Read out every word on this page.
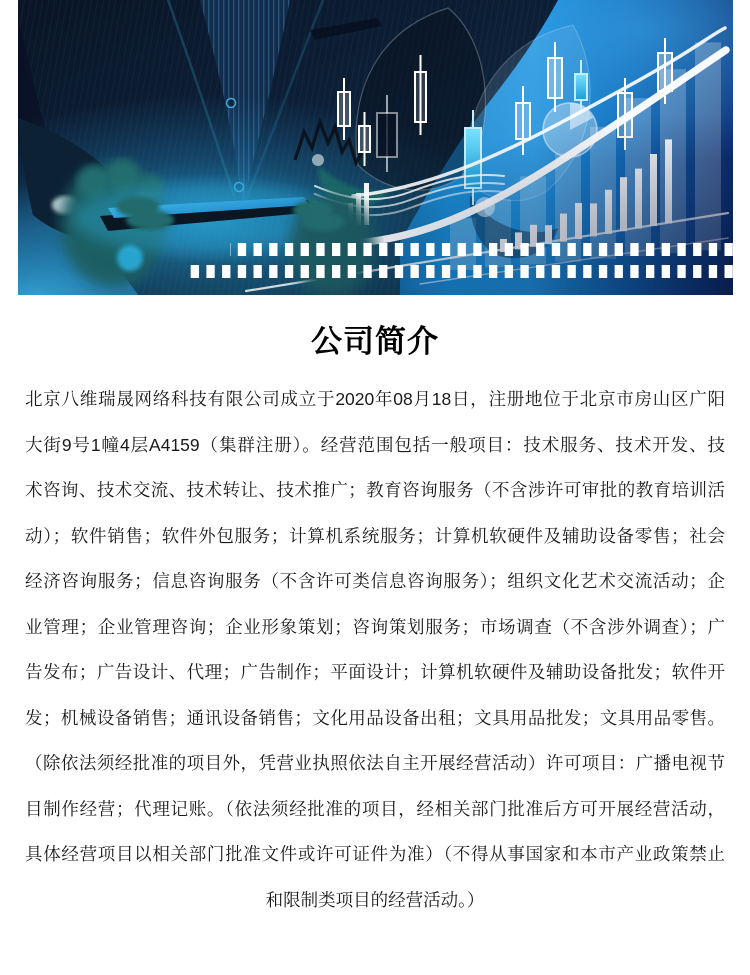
公司简介
北京八维瑞晟网络科技有限公司成立于2020年08月18日，注册地位于北京市房山区广阳
大街9号1幢4层A4159（集群注册）。经营范围包括一般项目：技术服务、技术开发、技
术咨询、技术交流、技术转让、技术推广；教育咨询服务（不含涉许可审批的教育培训活
动）；软件销售；软件外包服务；计算机系统服务；计算机软硬件及辅助设备零售；社会
经济咨询服务；信息咨询服务（不含许可类信息咨询服务）；组织文化艺术交流活动；企
业管理；企业管理咨询；企业形象策划；咨询策划服务；市场调查（不含涉外调查）；广
告发布；广告设计、代理；广告制作；平面设计；计算机软硬件及辅助设备批发；软件开
发；机械设备销售；通讯设备销售；文化用品设备出租；文具用品批发；文具用品零售。
（除依法须经批准的项目外，凭营业执照依法自主开展经营活动）许可项目：广播电视节
目制作经营；代理记账。（依法须经批准的项目，经相关部门批准后方可开展经营活动，
具体经营项目以相关部门批准文件或许可证件为准）（不得从事国家和本市产业政策禁止
和限制类项目的经营活动。）
